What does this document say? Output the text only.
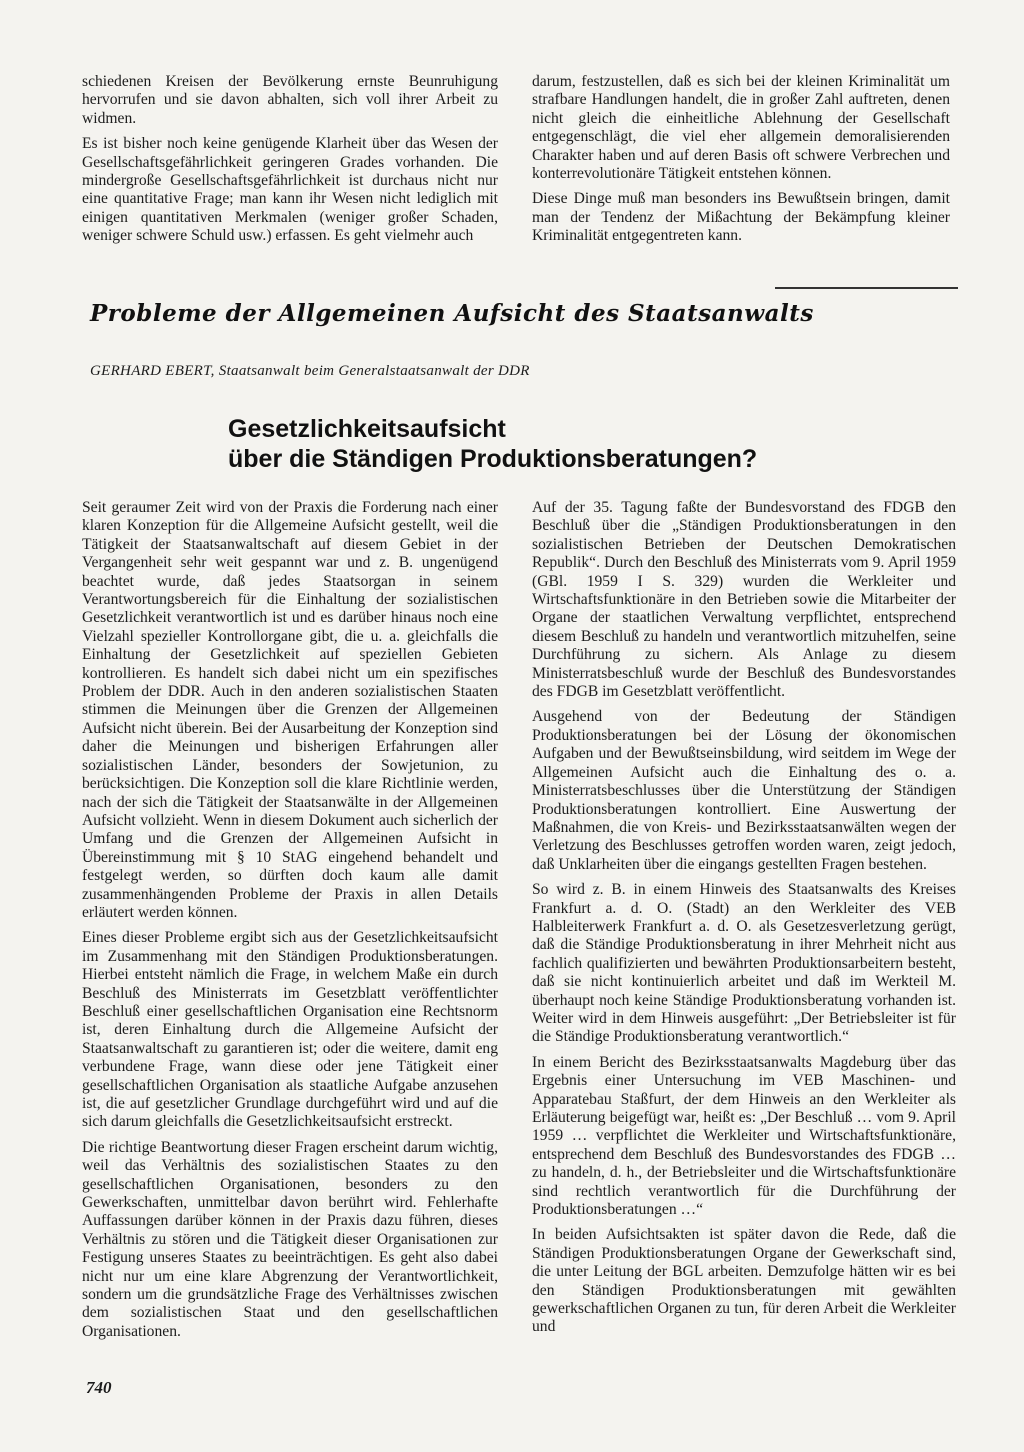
schiedenen Kreisen der Bevölkerung ernste Beunruhigung hervorrufen und sie davon abhalten, sich voll ihrer Arbeit zu widmen.

Es ist bisher noch keine genügende Klarheit über das Wesen der Gesellschaftsgefährlichkeit geringeren Grades vorhanden. Die mindergroße Gesellschaftsgefährlichkeit ist durchaus nicht nur eine quantitative Frage; man kann ihr Wesen nicht lediglich mit einigen quantitativen Merkmalen (weniger großer Schaden, weniger schwere Schuld usw.) erfassen. Es geht vielmehr auch

darum, festzustellen, daß es sich bei der kleinen Kriminalität um strafbare Handlungen handelt, die in großer Zahl auftreten, denen nicht gleich die einheitliche Ablehnung der Gesellschaft entgegenschlägt, die viel eher allgemein demoralisierenden Charakter haben und auf deren Basis oft schwere Verbrechen und konterrevolutionäre Tätigkeit entstehen können.

Diese Dinge muß man besonders ins Bewußtsein bringen, damit man der Tendenz der Mißachtung der Bekämpfung kleiner Kriminalität entgegentreten kann.

Probleme der Allgemeinen Aufsicht des Staatsanwalts
GERHARD EBERT, Staatsanwalt beim Generalstaatsanwalt der DDR
Gesetzlichkeitsaufsicht
über die Ständigen Produktionsberatungen?

Seit geraumer Zeit wird von der Praxis die Forderung nach einer klaren Konzeption für die Allgemeine Aufsicht gestellt, weil die Tätigkeit der Staatsanwaltschaft auf diesem Gebiet in der Vergangenheit sehr weit gespannt war und z. B. ungenügend beachtet wurde, daß jedes Staatsorgan in seinem Verantwortungsbereich für die Einhaltung der sozialistischen Gesetzlichkeit verantwortlich ist und es darüber hinaus noch eine Vielzahl spezieller Kontrollorgane gibt, die u. a. gleichfalls die Einhaltung der Gesetzlichkeit auf speziellen Gebieten kontrollieren. Es handelt sich dabei nicht um ein spezifisches Problem der DDR. Auch in den anderen sozialistischen Staaten stimmen die Meinungen über die Grenzen der Allgemeinen Aufsicht nicht überein. Bei der Ausarbeitung der Konzeption sind daher die Meinungen und bisherigen Erfahrungen aller sozialistischen Länder, besonders der Sowjetunion, zu berücksichtigen. Die Konzeption soll die klare Richtlinie werden, nach der sich die Tätigkeit der Staatsanwälte in der Allgemeinen Aufsicht vollzieht. Wenn in diesem Dokument auch sicherlich der Umfang und die Grenzen der Allgemeinen Aufsicht in Übereinstimmung mit § 10 StAG eingehend behandelt und festgelegt werden, so dürften doch kaum alle damit zusammenhängenden Probleme der Praxis in allen Details erläutert werden können.

Eines dieser Probleme ergibt sich aus der Gesetzlichkeitsaufsicht im Zusammenhang mit den Ständigen Produktionsberatungen. Hierbei entsteht nämlich die Frage, in welchem Maße ein durch Beschluß des Ministerrats im Gesetzblatt veröffentlichter Beschluß einer gesellschaftlichen Organisation eine Rechtsnorm ist, deren Einhaltung durch die Allgemeine Aufsicht der Staatsanwaltschaft zu garantieren ist; oder die weitere, damit eng verbundene Frage, wann diese oder jene Tätigkeit einer gesellschaftlichen Organisation als staatliche Aufgabe anzusehen ist, die auf gesetzlicher Grundlage durchgeführt wird und auf die sich darum gleichfalls die Gesetzlichkeitsaufsicht erstreckt.

Die richtige Beantwortung dieser Fragen erscheint darum wichtig, weil das Verhältnis des sozialistischen Staates zu den gesellschaftlichen Organisationen, besonders zu den Gewerkschaften, unmittelbar davon berührt wird. Fehlerhafte Auffassungen darüber können in der Praxis dazu führen, dieses Verhältnis zu stören und die Tätigkeit dieser Organisationen zur Festigung unseres Staates zu beeinträchtigen. Es geht also dabei nicht nur um eine klare Abgrenzung der Verantwortlichkeit, sondern um die grundsätzliche Frage des Verhältnisses zwischen dem sozialistischen Staat und den gesellschaftlichen Organisationen.

Auf der 35. Tagung faßte der Bundesvorstand des FDGB den Beschluß über die „Ständigen Produktionsberatungen in den sozialistischen Betrieben der Deutschen Demokratischen Republik“. Durch den Beschluß des Ministerrats vom 9. April 1959 (GBl. 1959 I S. 329) wurden die Werkleiter und Wirtschaftsfunktionäre in den Betrieben sowie die Mitarbeiter der Organe der staatlichen Verwaltung verpflichtet, entsprechend diesem Beschluß zu handeln und verantwortlich mitzuhelfen, seine Durchführung zu sichern. Als Anlage zu diesem Ministerratsbeschluß wurde der Beschluß des Bundesvorstandes des FDGB im Gesetzblatt veröffentlicht.

Ausgehend von der Bedeutung der Ständigen Produktionsberatungen bei der Lösung der ökonomischen Aufgaben und der Bewußtseinsbildung, wird seitdem im Wege der Allgemeinen Aufsicht auch die Einhaltung des o. a. Ministerratsbeschlusses über die Unterstützung der Ständigen Produktionsberatungen kontrolliert. Eine Auswertung der Maßnahmen, die von Kreis- und Bezirksstaatsanwälten wegen der Verletzung des Beschlusses getroffen worden waren, zeigt jedoch, daß Unklarheiten über die eingangs gestellten Fragen bestehen.

So wird z. B. in einem Hinweis des Staatsanwalts des Kreises Frankfurt a. d. O. (Stadt) an den Werkleiter des VEB Halbleiterwerk Frankfurt a. d. O. als Gesetzesverletzung gerügt, daß die Ständige Produktionsberatung in ihrer Mehrheit nicht aus fachlich qualifizierten und bewährten Produktionsarbeitern besteht, daß sie nicht kontinuierlich arbeitet und daß im Werkteil M. überhaupt noch keine Ständige Produktionsberatung vorhanden ist. Weiter wird in dem Hinweis ausgeführt: „Der Betriebsleiter ist für die Ständige Produktionsberatung verantwortlich.“

In einem Bericht des Bezirksstaatsanwalts Magdeburg über das Ergebnis einer Untersuchung im VEB Maschinen- und Apparatebau Staßfurt, der dem Hinweis an den Werkleiter als Erläuterung beigefügt war, heißt es: „Der Beschluß … vom 9. April 1959 … verpflichtet die Werkleiter und Wirtschaftsfunktionäre, entsprechend dem Beschluß des Bundesvorstandes des FDGB … zu handeln, d. h., der Betriebsleiter und die Wirtschaftsfunktionäre sind rechtlich verantwortlich für die Durchführung der Produktionsberatungen …“

In beiden Aufsichtsakten ist später davon die Rede, daß die Ständigen Produktionsberatungen Organe der Gewerkschaft sind, die unter Leitung der BGL arbeiten. Demzufolge hätten wir es bei den Ständigen Produktionsberatungen mit gewählten gewerkschaftlichen Organen zu tun, für deren Arbeit die Werkleiter und

740
